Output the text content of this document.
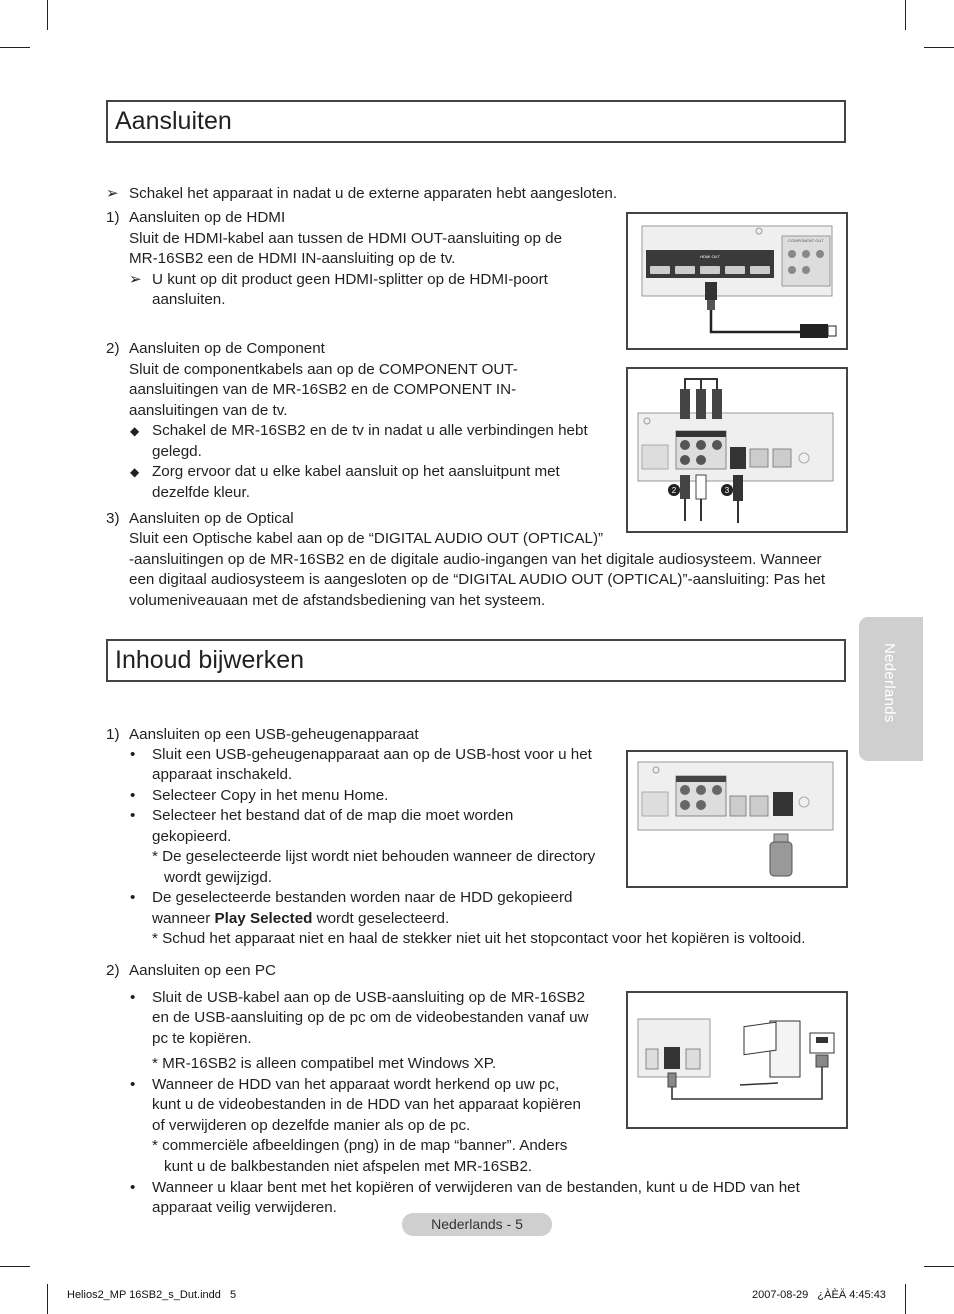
Aansluiten
➢ Schakel het apparaat in nadat u de externe apparaten hebt aangesloten.
1) Aansluiten op de HDMI
Sluit de HDMI-kabel aan tussen de HDMI OUT-aansluiting op de
MR-16SB2 een de HDMI IN-aansluiting op de tv.
➢ U kunt op dit product geen HDMI-splitter op de HDMI-poort
aansluiten.
2) Aansluiten op de Component
Sluit de componentkabels aan op de COMPONENT OUT-
aansluitingen van de MR-16SB2 en de COMPONENT IN-
aansluitingen van de tv.
◆ Schakel de MR-16SB2 en de tv in nadat u alle verbindingen hebt
gelegd.
◆ Zorg ervoor dat u elke kabel aansluit op het aansluitpunt met
dezelfde kleur.
3) Aansluiten op de Optical
Sluit een Optische kabel aan op de “DIGITAL AUDIO OUT (OPTICAL)”
-aansluitingen op de MR-16SB2 en de digitale audio-ingangen van het digitale audiosysteem. Wanneer
een digitaal audiosysteem is aangesloten op de “DIGITAL AUDIO OUT (OPTICAL)”-aansluiting: Pas het
volumeniveauaan met de afstandsbediening van het systeem.
HDMI OUT
COMPONENT OUT
2	3
Inhoud bijwerken
1) Aansluiten op een USB-geheugenapparaat
• Sluit een USB-geheugenapparaat aan op de USB-host voor u het
apparaat inschakeld.
• Selecteer Copy in het menu Home.
• Selecteer het bestand dat of de map die moet worden
gekopieerd.
* De geselecteerde lijst wordt niet behouden wanneer de directory
wordt gewijzigd.
• De geselecteerde bestanden worden naar de HDD gekopieerd
wanneer Play Selected wordt geselecteerd.
* Schud het apparaat niet en haal de stekker niet uit het stopcontact voor het kopiëren is voltooid.
2) Aansluiten op een PC
• Sluit de USB-kabel aan op de USB-aansluiting op de MR-16SB2
en de USB-aansluiting op de pc om de videobestanden vanaf uw
pc te kopiëren.
* MR-16SB2 is alleen compatibel met Windows XP.
• Wanneer de HDD van het apparaat wordt herkend op uw pc,
kunt u de videobestanden in de HDD van het apparaat kopiëren
of verwijderen op dezelfde manier als op de pc.
* commerciële afbeeldingen (png) in de map “banner”. Anders
kunt u de balkbestanden niet afspelen met MR-16SB2.
• Wanneer u klaar bent met het kopiëren of verwijderen van de bestanden, kunt u de HDD van het
apparaat veilig verwijderen.
Nederlands
Nederlands - 5
Helios2_MP 16SB2_s_Dut.indd   5	2007-08-29   ¿ÀÈÄ 4:45:43
